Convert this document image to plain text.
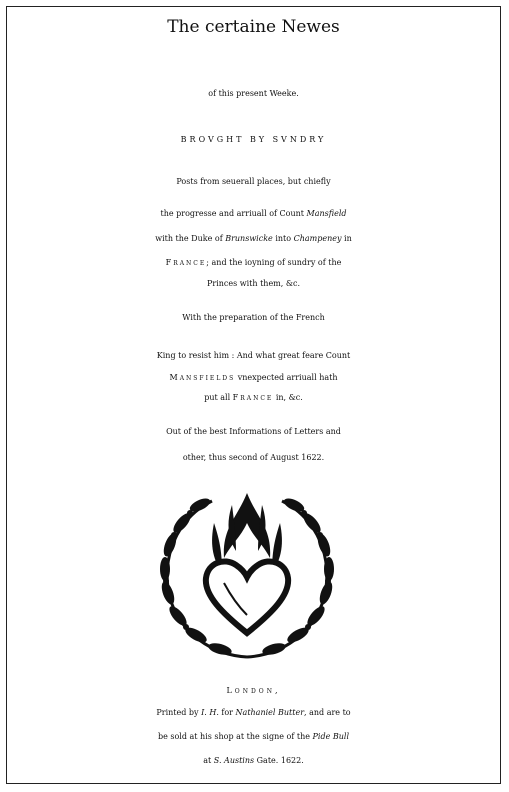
The certaine Newes
of this present Weeke.
BROVGHT BY SVNDRY
Posts from seuerall places, but chiefly
the progresse and arriuall of Count Mansfield
with the Duke of Brunswicke into Champeney in
France; and the ioyning of sundry of the
Princes with them, &c.
With the preparation of the French
King to resist him : And what great feare Count
Mansfields vnexpected arriuall hath
put all France in, &c.
Out of the best Informations of Letters and
other, thus second of August 1622.
London,
Printed by I. H. for Nathaniel Butter, and are to
be sold at his shop at the signe of the Pide Bull
at S. Austins Gate. 1622.
